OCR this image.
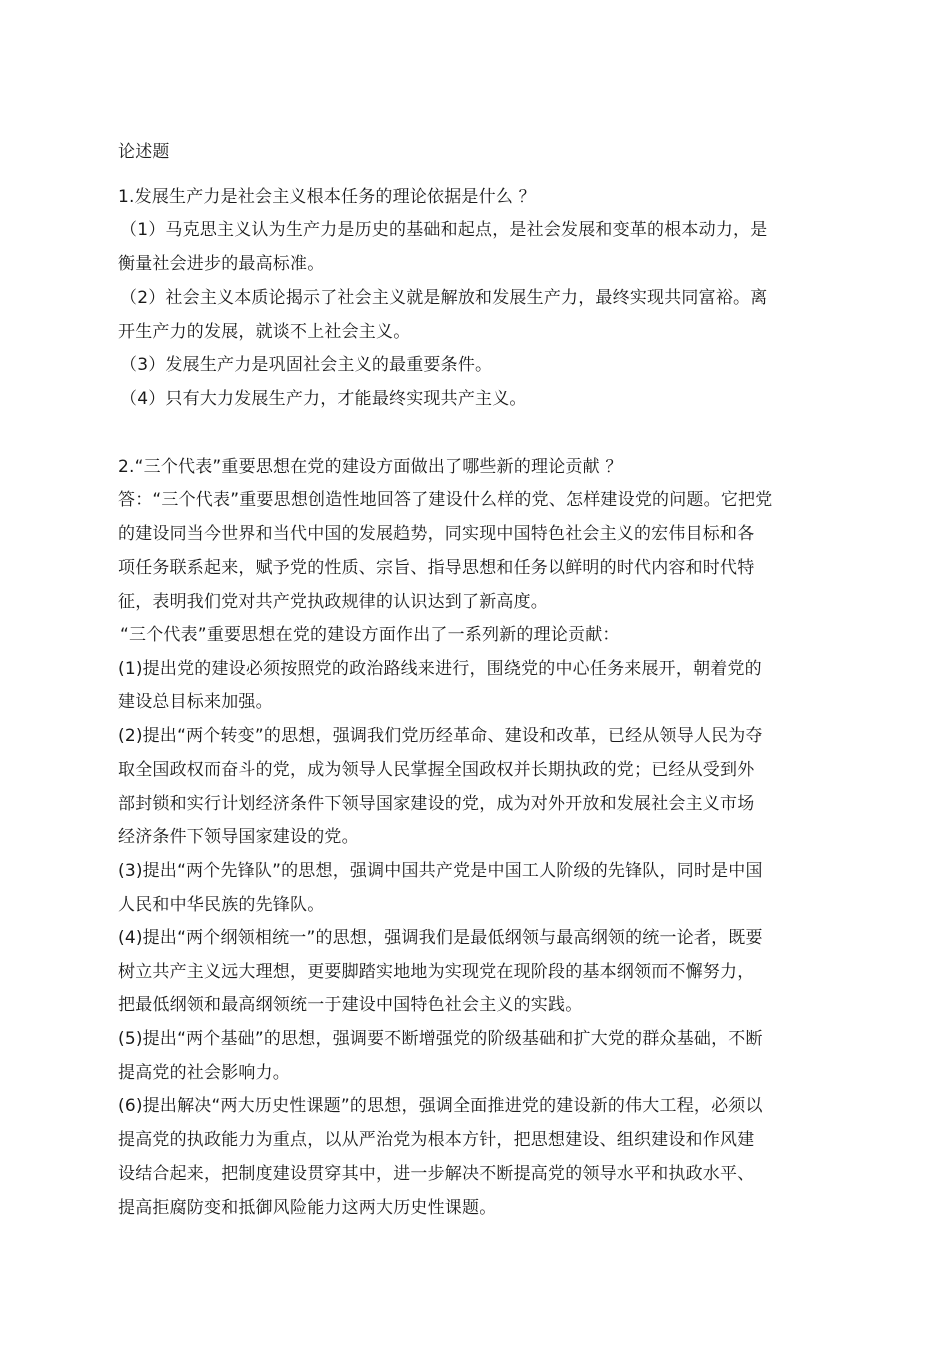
论述题
1.发展生产力是社会主义根本任务的理论依据是什么 ？
（1）马克思主义认为生产力是历史的基础和起点，是社会发展和变革的根本动力，是
衡量社会进步的最高标准。
（2）社会主义本质论揭示了社会主义就是解放和发展生产力，最终实现共同富裕。离
开生产力的发展，就谈不上社会主义。
（3）发展生产力是巩固社会主义的最重要条件。
（4）只有大力发展生产力，才能最终实现共产主义。
2.“三个代表”重要思想在党的建设方面做出了哪些新的理论贡献 ？
答：“三个代表”重要思想创造性地回答了建设什么样的党、怎样建设党的问题。它把党
的建设同当今世界和当代中国的发展趋势，同实现中国特色社会主义的宏伟目标和各
项任务联系起来，赋予党的性质、宗旨、指导思想和任务以鲜明的时代内容和时代特
征，表明我们党对共产党执政规律的认识达到了新高度。
“三个代表”重要思想在党的建设方面作出了一系列新的理论贡献：
(1)提出党的建设必须按照党的政治路线来进行，围绕党的中心任务来展开，朝着党的
建设总目标来加强。
(2)提出“两个转变”的思想，强调我们党历经革命、建设和改革，已经从领导人民为夺
取全国政权而奋斗的党，成为领导人民掌握全国政权并长期执政的党；已经从受到外
部封锁和实行计划经济条件下领导国家建设的党，成为对外开放和发展社会主义市场
经济条件下领导国家建设的党。
(3)提出“两个先锋队”的思想，强调中国共产党是中国工人阶级的先锋队，同时是中国
人民和中华民族的先锋队。
(4)提出“两个纲领相统一”的思想，强调我们是最低纲领与最高纲领的统一论者，既要
树立共产主义远大理想，更要脚踏实地地为实现党在现阶段的基本纲领而不懈努力，
把最低纲领和最高纲领统一于建设中国特色社会主义的实践。
(5)提出“两个基础”的思想，强调要不断增强党的阶级基础和扩大党的群众基础，不断
提高党的社会影响力。
(6)提出解决“两大历史性课题”的思想，强调全面推进党的建设新的伟大工程，必须以
提高党的执政能力为重点，以从严治党为根本方针，把思想建设、组织建设和作风建
设结合起来，把制度建设贯穿其中，进一步解决不断提高党的领导水平和执政水平、
提高拒腐防变和抵御风险能力这两大历史性课题。
